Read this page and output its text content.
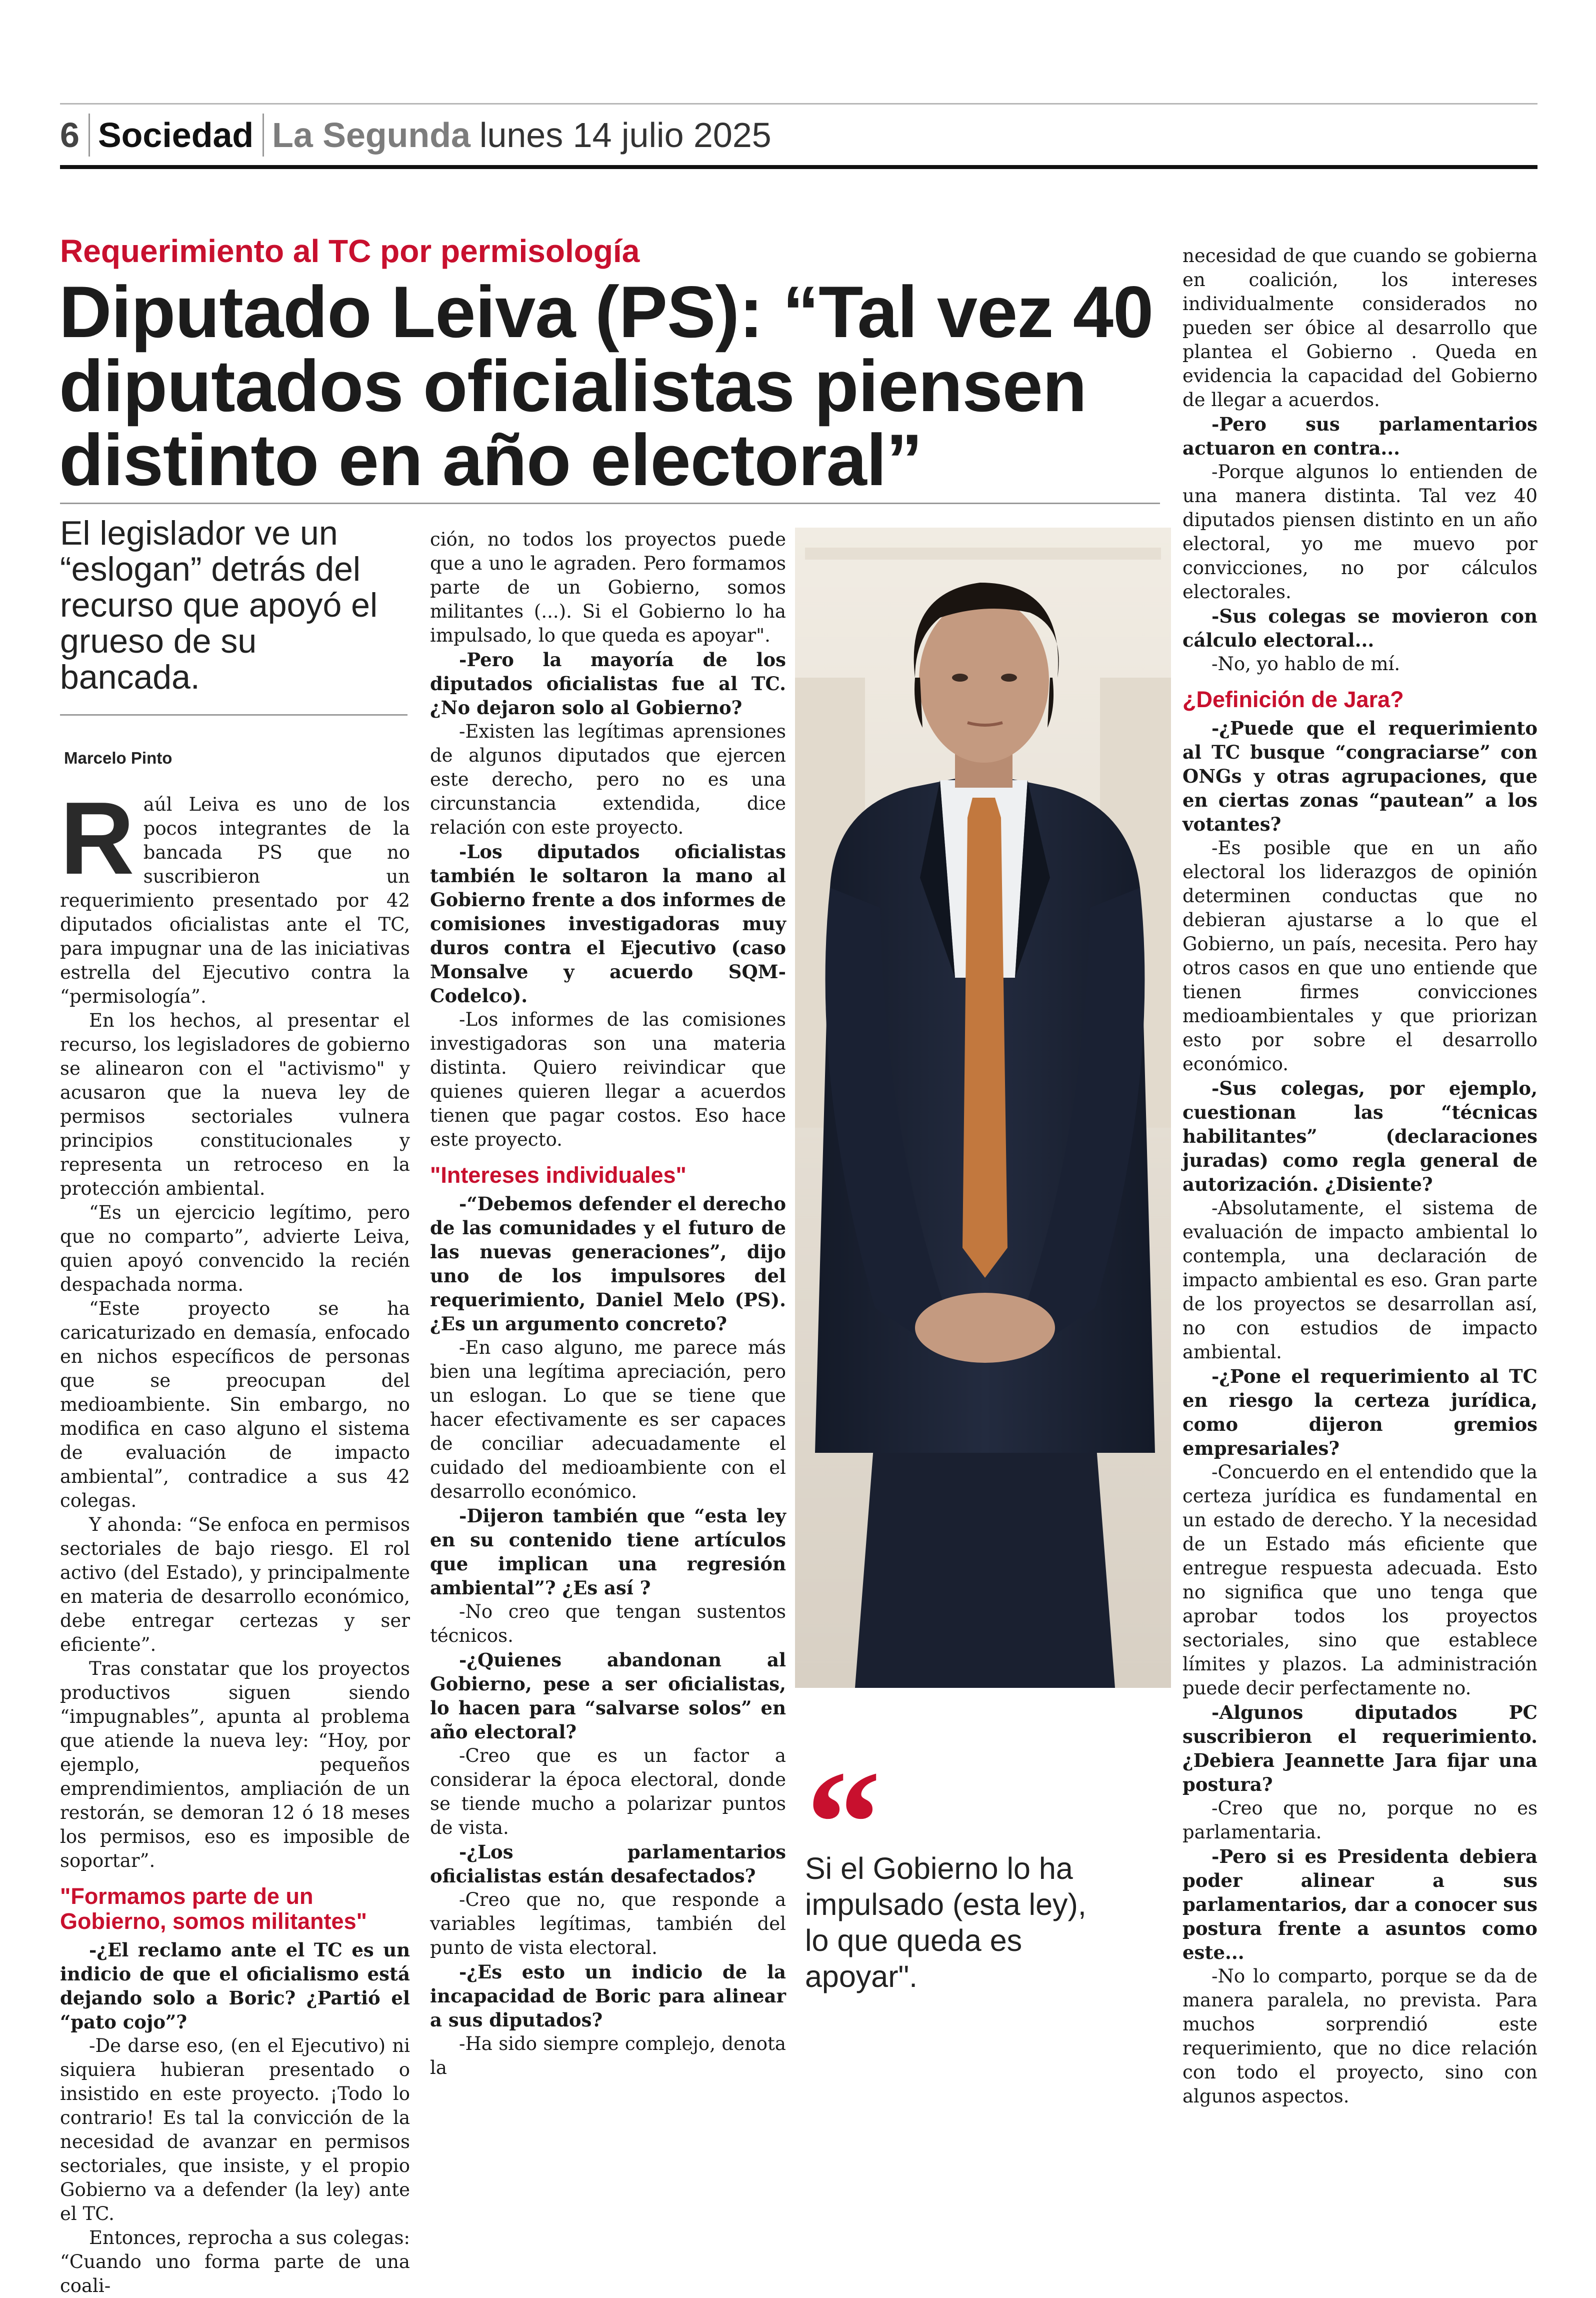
6 Sociedad La Segunda lunes 14 julio 2025
Requerimiento al TC por permisología
Diputado Leiva (PS): “Tal vez 40 diputados oficialistas piensen distinto en año electoral”
El legislador ve un “eslogan” detrás del recurso que apoyó el grueso de su bancada.
Marcelo Pinto
R aúl Leiva es uno de los pocos integrantes de la bancada PS que no suscribieron un requerimiento presentado por 42 diputados oficialistas ante el TC, para impugnar una de las iniciativas estrella del Ejecutivo contra la “permisología”.

En los hechos, al presentar el recurso, los legisladores de gobierno se alinearon con el "activismo" y acusaron que la nueva ley de permisos sectoriales vulnera principios constitucionales y representa un retroceso en la protección ambiental.

“Es un ejercicio legítimo, pero que no comparto”, advierte Leiva, quien apoyó convencido la recién despachada norma.

“Este proyecto se ha caricaturizado en demasía, enfocado en nichos específicos de personas que se preocupan del medioambiente. Sin embargo, no modifica en caso alguno el sistema de evaluación de impacto ambiental”, contradice a sus 42 colegas.

Y ahonda: “Se enfoca en permisos sectoriales de bajo riesgo. El rol activo (del Estado), y principalmente en materia de desarrollo económico, debe entregar certezas y ser eficiente”.

Tras constatar que los proyectos productivos siguen siendo “impugnables”, apunta al problema que atiende la nueva ley: “Hoy, por ejemplo, pequeños emprendimientos, ampliación de un restorán, se demoran 12 ó 18 meses los permisos, eso es imposible de soportar”.

"Formamos parte de un Gobierno, somos militantes"

-¿El reclamo ante el TC es un indicio de que el oficialismo está dejando solo a Boric? ¿Partió el “pato cojo”?

-De darse eso, (en el Ejecutivo) ni siquiera hubieran presentado o insistido en este proyecto. ¡Todo lo contrario! Es tal la convicción de la necesidad de avanzar en permisos sectoriales, que insiste, y el propio Gobierno va a defender (la ley) ante el TC.

Entonces, reprocha a sus colegas: “Cuando uno forma parte de una coali-

ción, no todos los proyectos puede que a uno le agraden. Pero formamos parte de un Gobierno, somos militantes (...). Si el Gobierno lo ha impulsado, lo que queda es apoyar".

-Pero la mayoría de los diputados oficialistas fue al TC. ¿No dejaron solo al Gobierno?

-Existen las legítimas aprensiones de algunos diputados que ejercen este derecho, pero no es una circunstancia extendida, dice relación con este proyecto.

-Los diputados oficialistas también le soltaron la mano al Gobierno frente a dos informes de comisiones investigadoras muy duros contra el Ejecutivo (caso Monsalve y acuerdo SQM-Codelco).

-Los informes de las comisiones investigadoras son una materia distinta. Quiero reivindicar que quienes quieren llegar a acuerdos tienen que pagar costos. Eso hace este proyecto.

"Intereses individuales"

-“Debemos defender el derecho de las comunidades y el futuro de las nuevas generaciones”, dijo uno de los impulsores del requerimiento, Daniel Melo (PS). ¿Es un argumento concreto?

-En caso alguno, me parece más bien una legítima apreciación, pero un eslogan. Lo que se tiene que hacer efectivamente es ser capaces de conciliar adecuadamente el cuidado del medioambiente con el desarrollo económico.

-Dijeron también que “esta ley en su contenido tiene artículos que implican una regresión ambiental”? ¿Es así ?

-No creo que tengan sustentos técnicos.

-¿Quienes abandonan al Gobierno, pese a ser oficialistas, lo hacen para “salvarse solos” en año electoral?

-Creo que es un factor a considerar la época electoral, donde se tiende mucho a polarizar puntos de vista.

-¿Los parlamentarios oficialistas están desafectados?

-Creo que no, que responde a variables legítimas, también del punto de vista electoral.

-¿Es esto un indicio de la incapacidad de Boric para alinear a sus diputados?

-Ha sido siempre complejo, denota la

necesidad de que cuando se gobierna en coalición, los intereses individualmente considerados no pueden ser óbice al desarrollo que plantea el Gobierno . Queda en evidencia la capacidad del Gobierno de llegar a acuerdos.

-Pero sus parlamentarios actuaron en contra...

-Porque algunos lo entienden de una manera distinta. Tal vez 40 diputados piensen distinto en un año electoral, yo me muevo por convicciones, no por cálculos electorales.

-Sus colegas se movieron con cálculo electoral...

-No, yo hablo de mí.

¿Definición de Jara?

-¿Puede que el requerimiento al TC busque “congraciarse” con ONGs y otras agrupaciones, que en ciertas zonas “pautean” a los votantes?

-Es posible que en un año electoral los liderazgos de opinión determinen conductas que no debieran ajustarse a lo que el Gobierno, un país, necesita. Pero hay otros casos en que uno entiende que tienen firmes convicciones medioambientales y que priorizan esto por sobre el desarrollo económico.

-Sus colegas, por ejemplo, cuestionan las “técnicas habilitantes” (declaraciones juradas) como regla general de autorización. ¿Disiente?

-Absolutamente, el sistema de evaluación de impacto ambiental lo contempla, una declaración de impacto ambiental es eso. Gran parte de los proyectos se desarrollan así, no con estudios de impacto ambiental.

-¿Pone el requerimiento al TC en riesgo la certeza jurídica, como dijeron gremios empresariales?

-Concuerdo en el entendido que la certeza jurídica es fundamental en un estado de derecho. Y la necesidad de un Estado más eficiente que entregue respuesta adecuada. Esto no significa que uno tenga que aprobar todos los proyectos sectoriales, sino que establece límites y plazos. La administración puede decir perfectamente no.

-Algunos diputados PC suscribieron el requerimiento. ¿Debiera Jeannette Jara fijar una postura?

-Creo que no, porque no es parlamentaria.

-Pero si es Presidenta debiera poder alinear a sus parlamentarios, dar a conocer sus postura frente a asuntos como este...

-No lo comparto, porque se da de manera paralela, no prevista. Para muchos sorprendió este requerimiento, que no dice relación con todo el proyecto, sino con algunos aspectos.

“
Si el Gobierno lo ha impulsado (esta ley), lo que queda es apoyar".
